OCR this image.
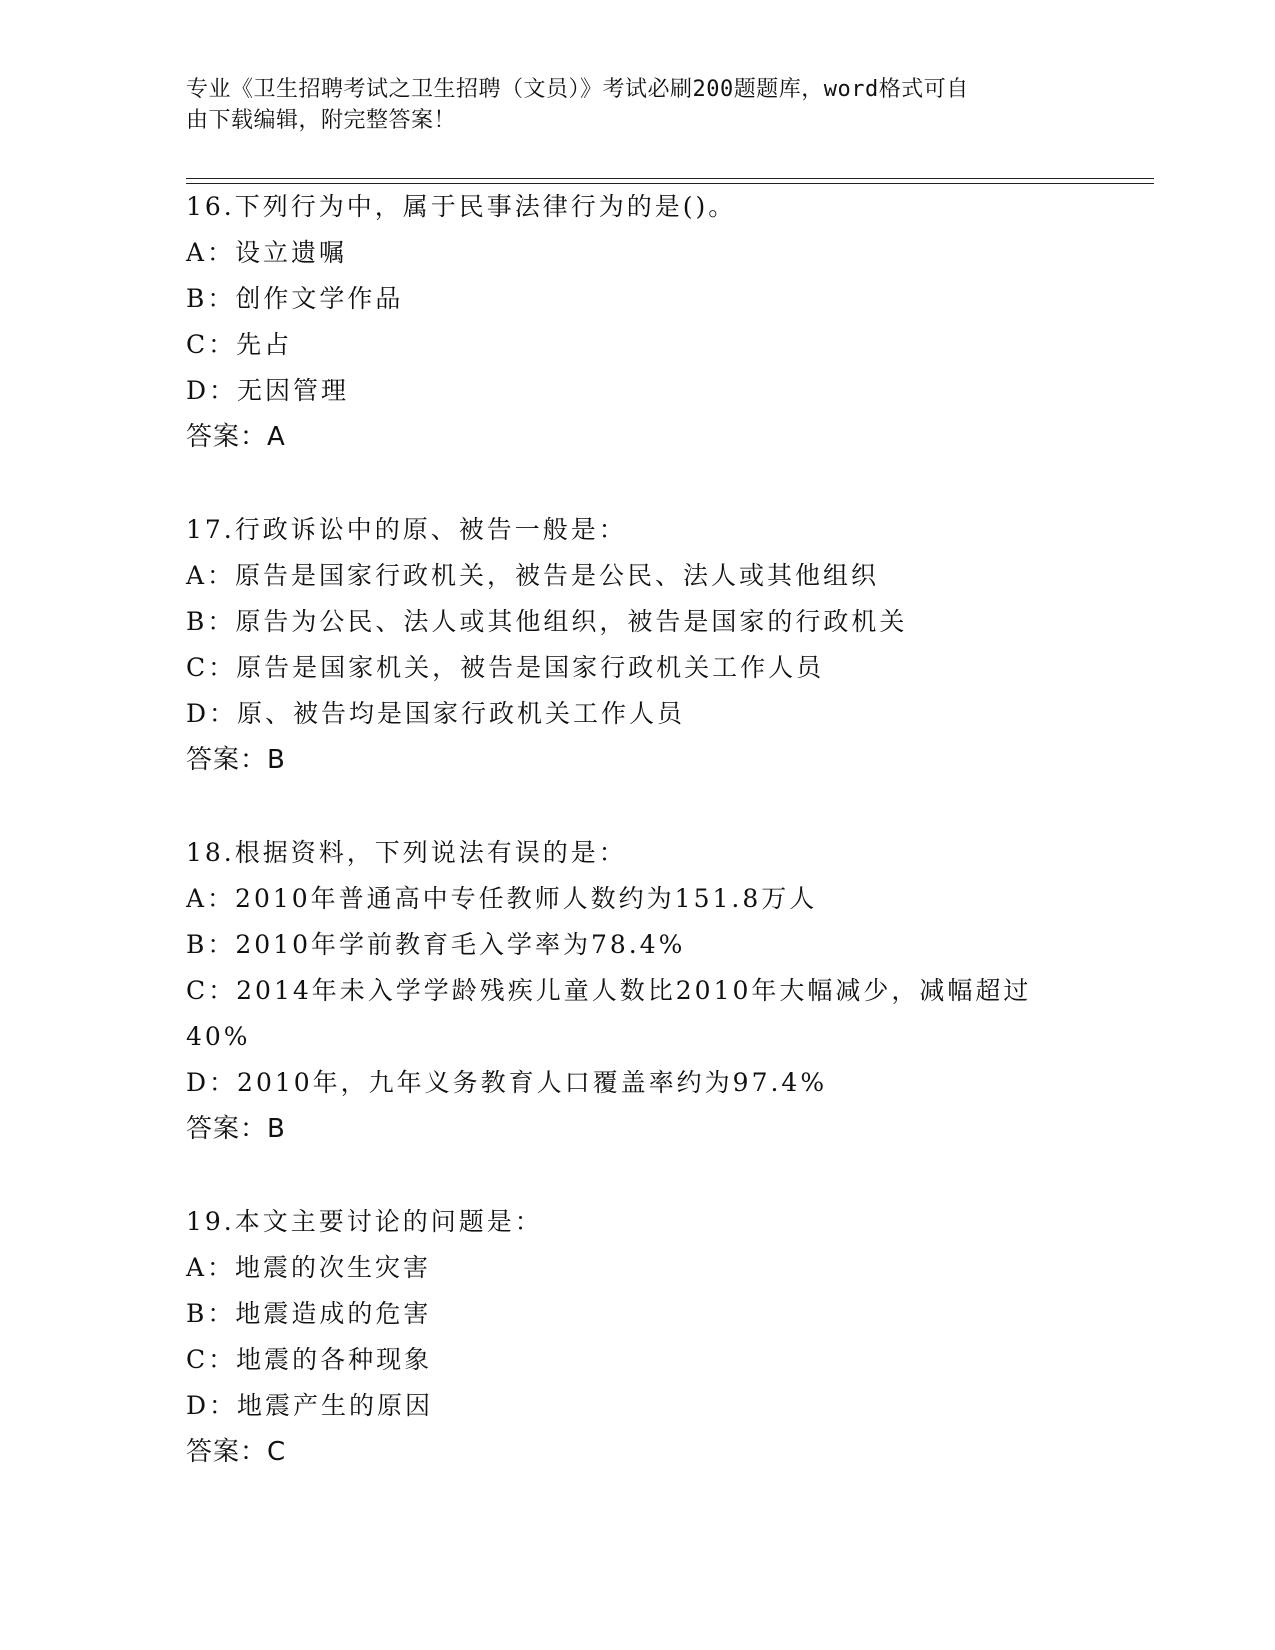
专业《卫生招聘考试之卫生招聘（文员）》考试必刷200题题库，word格式可自
由下载编辑，附完整答案！
16.下列行为中，属于民事法律行为的是()。
A：设立遗嘱
B：创作文学作品
C：先占
D：无因管理
答案：A
17.行政诉讼中的原、被告一般是：
A：原告是国家行政机关，被告是公民、法人或其他组织
B：原告为公民、法人或其他组织，被告是国家的行政机关
C：原告是国家机关，被告是国家行政机关工作人员
D：原、被告均是国家行政机关工作人员
答案：B
18.根据资料，下列说法有误的是：
A：2010年普通高中专任教师人数约为151.8万人
B：2010年学前教育毛入学率为78.4%
C：2014年未入学学龄残疾儿童人数比2010年大幅减少，减幅超过
40%
D：2010年，九年义务教育人口覆盖率约为97.4%
答案：B
19.本文主要讨论的问题是：
A：地震的次生灾害
B：地震造成的危害
C：地震的各种现象
D：地震产生的原因
答案：C
